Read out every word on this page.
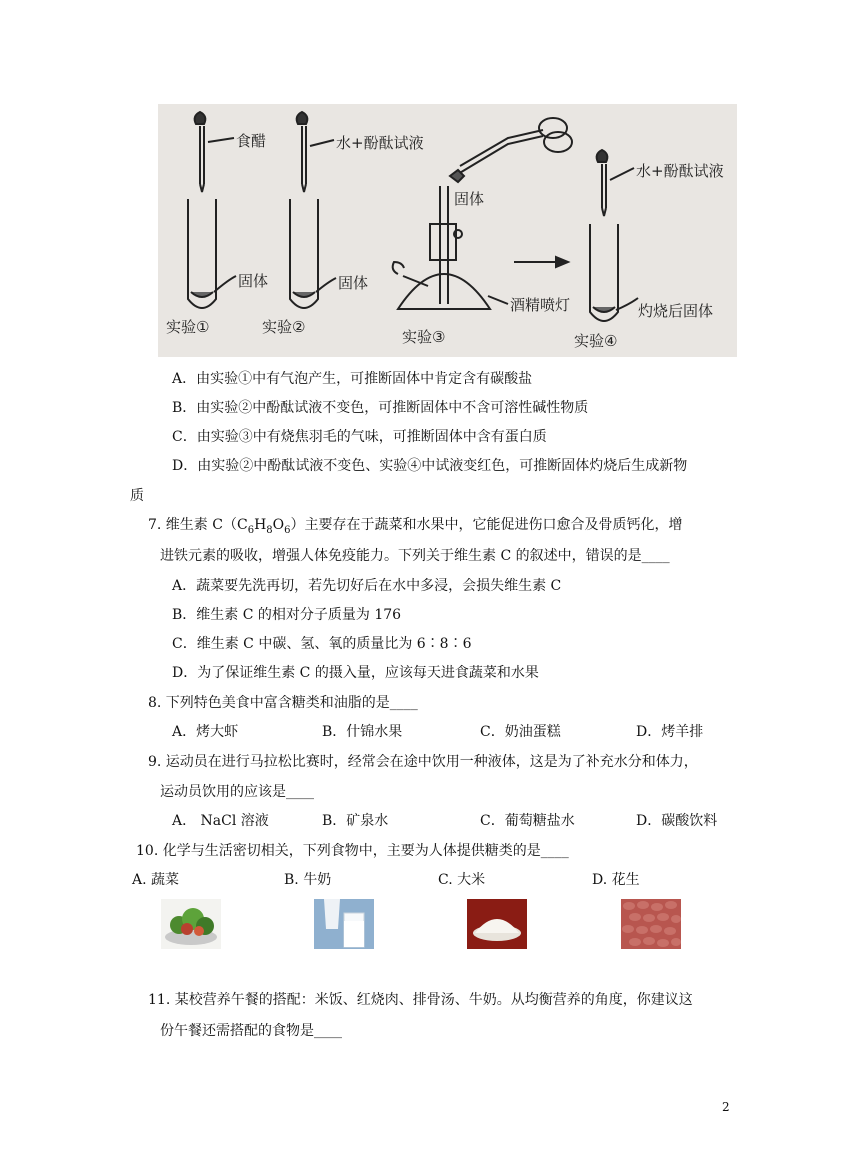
食醋
固体
实验①
水+酚酞试液
固体
实验②
固体
酒精喷灯
实验③
水+酚酞试液
灼烧后固体
实验④
A．由实验①中有气泡产生，可推断固体中肯定含有碳酸盐
B．由实验②中酚酞试液不变色，可推断固体中不含可溶性碱性物质
C．由实验③中有烧焦羽毛的气味，可推断固体中含有蛋白质
D．由实验②中酚酞试液不变色、实验④中试液变红色，可推断固体灼烧后生成新物
质
7. 维生素 $C(C_6H_8O_6)$主要存在于蔬菜和水果中，它能促进伤口愈合及骨质钙化，增
进铁元素的吸收，增强人体免疫能力。下列关于维生素 C 的叙述中，错误的是____
A．蔬菜要先洗再切，若先切好后在水中多浸，会损失维生素 C
B．维生素 C 的相对分子质量为 176
C．维生素 C 中碳、氢、氧的质量比为 6∶8∶6
D．为了保证维生素 C 的摄入量，应该每天进食蔬菜和水果
8. 下列特色美食中富含糖类和油脂的是____
A．烤大虾	B．什锦水果	C．奶油蛋糕	D．烤羊排
9. 运动员在进行马拉松比赛时，经常会在途中饮用一种液体，这是为了补充水分和体力，
运动员饮用的应该是____
A． NaCl 溶液	B．矿泉水	C．葡萄糖盐水	D．碳酸饮料
10. 化学与生活密切相关，下列食物中，主要为人体提供糖类的是____
A. 蔬菜	B. 牛奶	C. 大米	D. 花生
11. 某校营养午餐的搭配：米饭、红烧肉、排骨汤、牛奶。从均衡营养的角度，你建议这
份午餐还需搭配的食物是____
2
